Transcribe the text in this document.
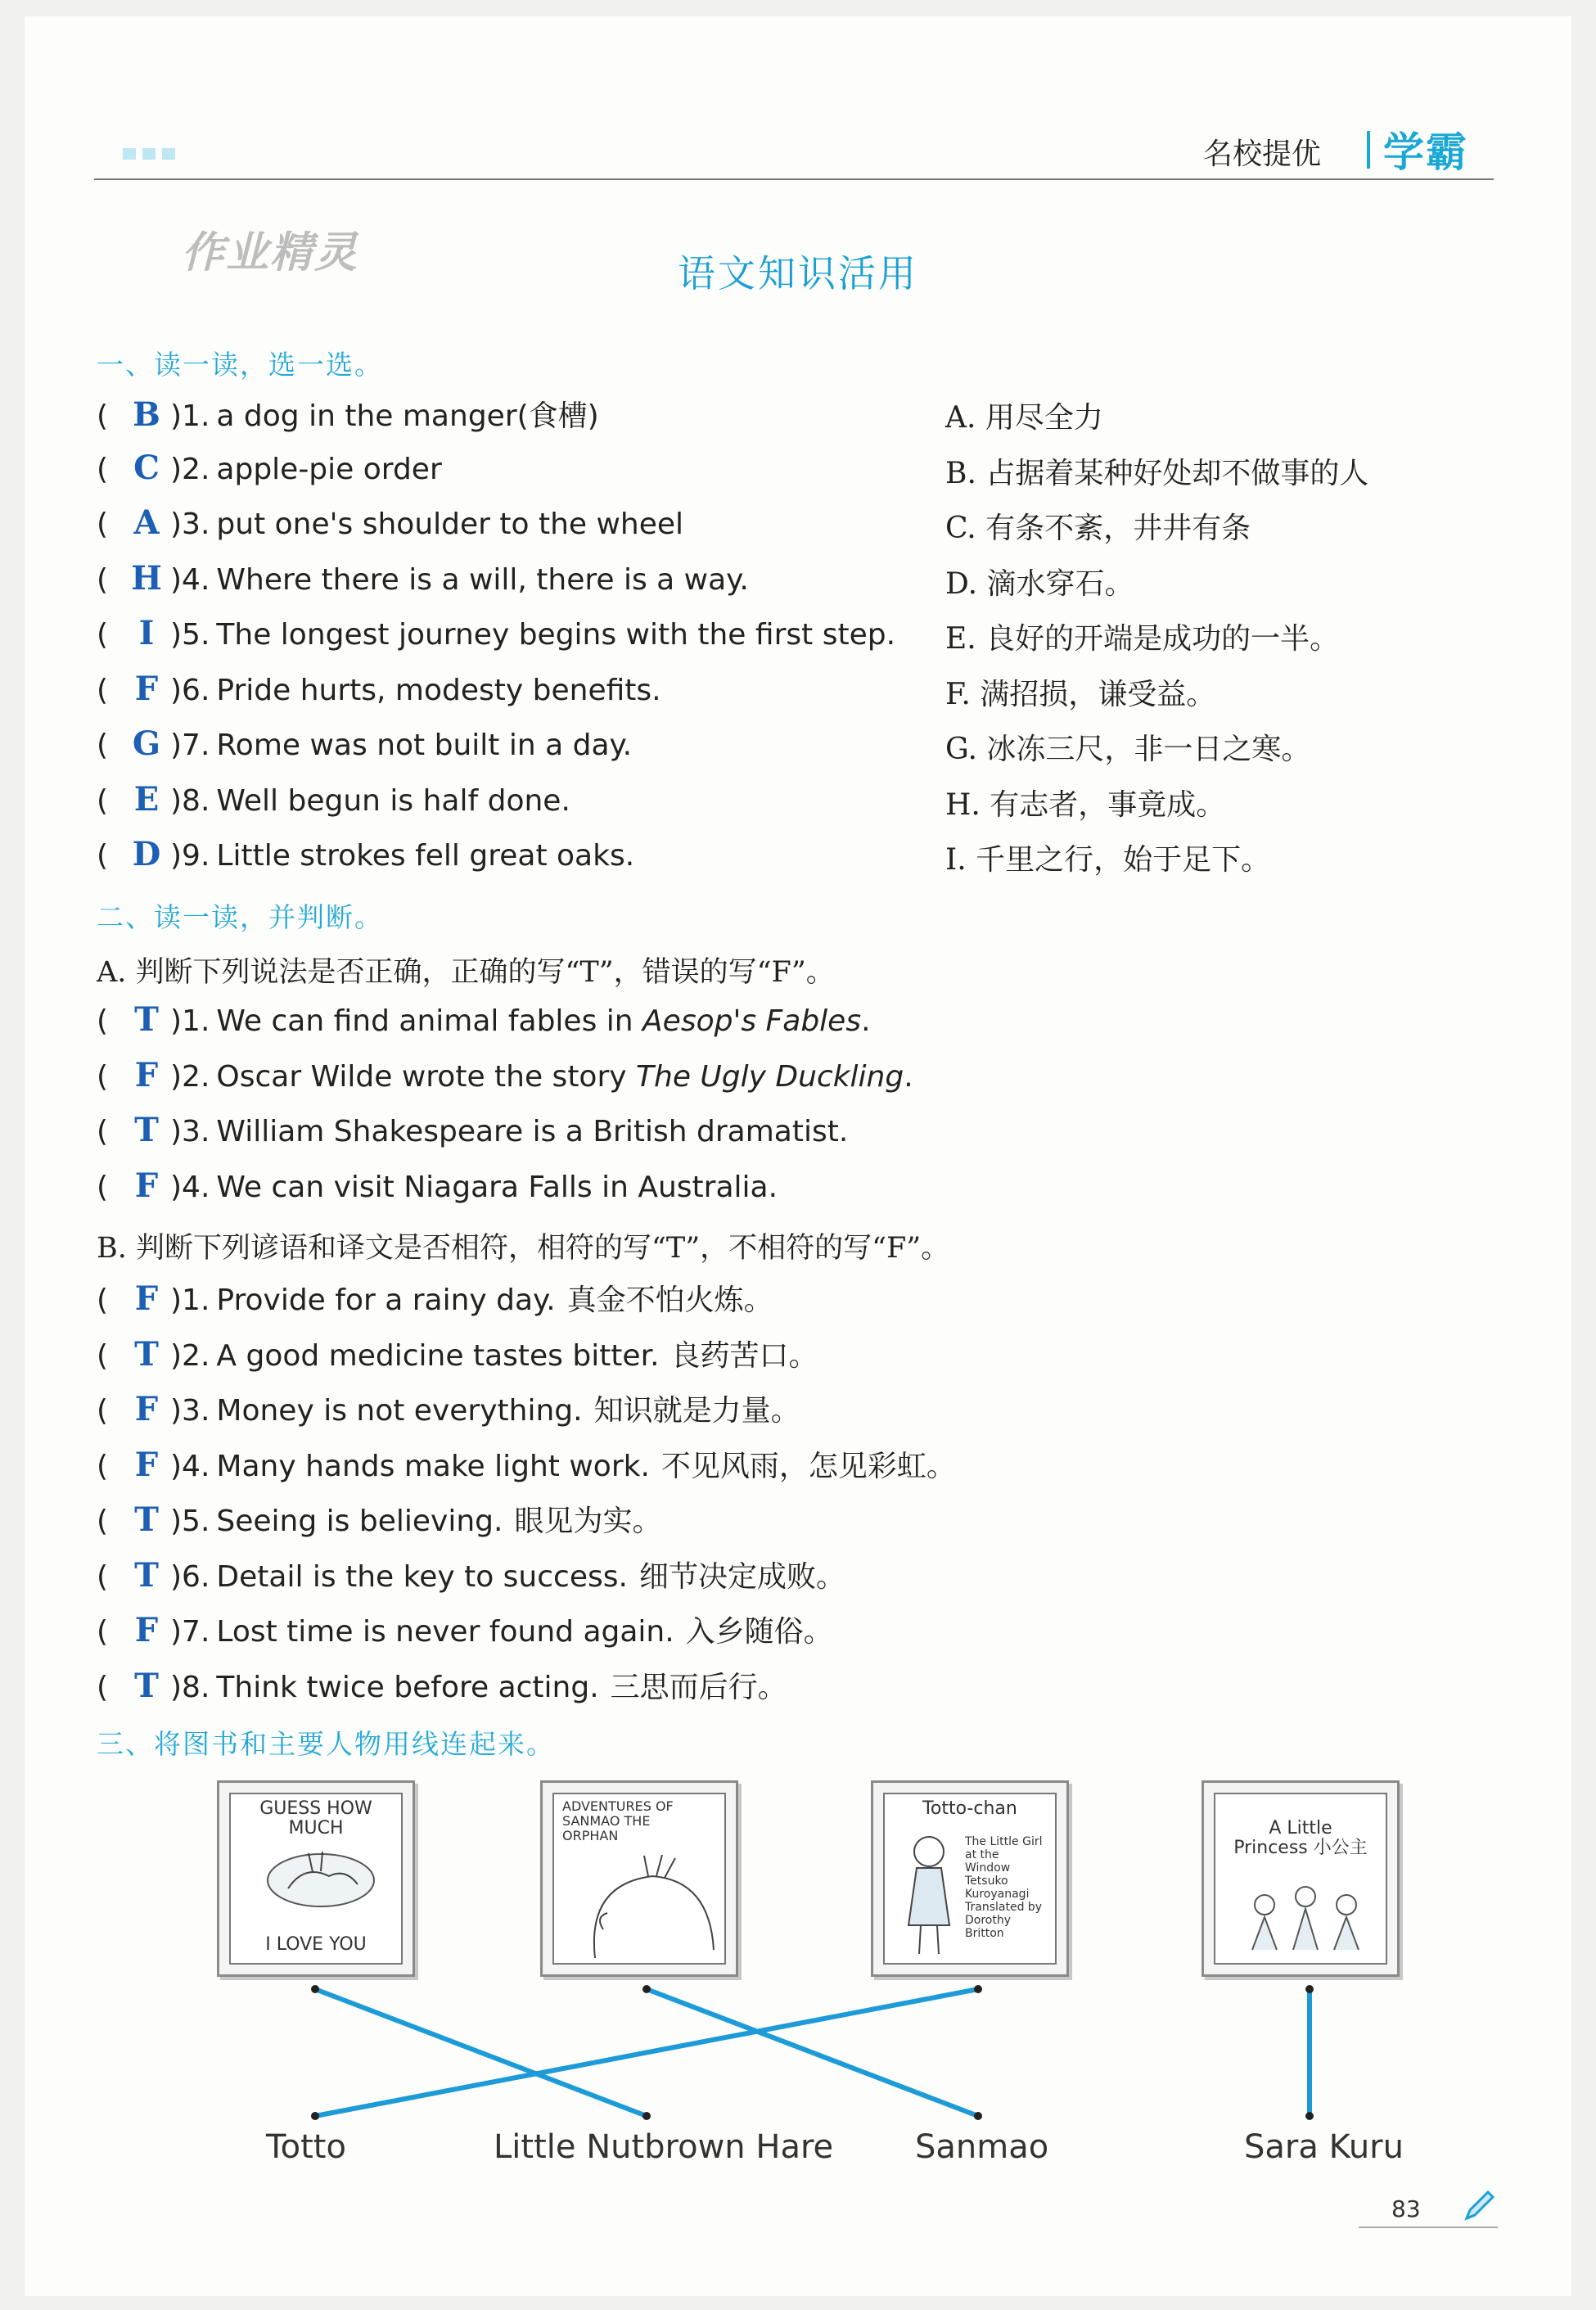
名校提优 学霸
作业精灵	语文知识活用
一、读一读，选一选。
( B )1. a dog in the manger(食槽)
( C )2. apple-pie order
( A )3. put one's shoulder to the wheel
( H )4. Where there is a will, there is a way.
( I )5. The longest journey begins with the first step.
( F )6. Pride hurts, modesty benefits.
( G )7. Rome was not built in a day.
( E )8. Well begun is half done.
( D )9. Little strokes fell great oaks.
A. 用尽全力
B. 占据着某种好处却不做事的人
C. 有条不紊，井井有条
D. 滴水穿石。
E. 良好的开端是成功的一半。
F. 满招损，谦受益。
G. 冰冻三尺，非一日之寒。
H. 有志者，事竟成。
I. 千里之行，始于足下。
二、读一读，并判断。
A. 判断下列说法是否正确，正确的写“T”，错误的写“F”。
( T )1. We can find animal fables in Aesop's Fables.
( F )2. Oscar Wilde wrote the story The Ugly Duckling.
( T )3. William Shakespeare is a British dramatist.
( F )4. We can visit Niagara Falls in Australia.
B. 判断下列谚语和译文是否相符，相符的写“T”，不相符的写“F”。
( F )1. Provide for a rainy day. 真金不怕火炼。
( T )2. A good medicine tastes bitter. 良药苦口。
( F )3. Money is not everything. 知识就是力量。
( F )4. Many hands make light work. 不见风雨，怎见彩虹。
( T )5. Seeing is believing. 眼见为实。
( T )6. Detail is the key to success. 细节决定成败。
( F )7. Lost time is never found again. 入乡随俗。
( T )8. Think twice before acting. 三思而后行。
三、将图书和主要人物用线连起来。
GUESS HOW MUCH
I LOVE YOU
ADVENTURES OF SANMAO THE ORPHAN
Totto-chan
The Little Girl at the Window Tetsuko Kuroyanagi Translated by Dorothy Britton
A Little Princess 小公主
Totto	Little Nutbrown Hare Sanmao	Sara Kuru
83
